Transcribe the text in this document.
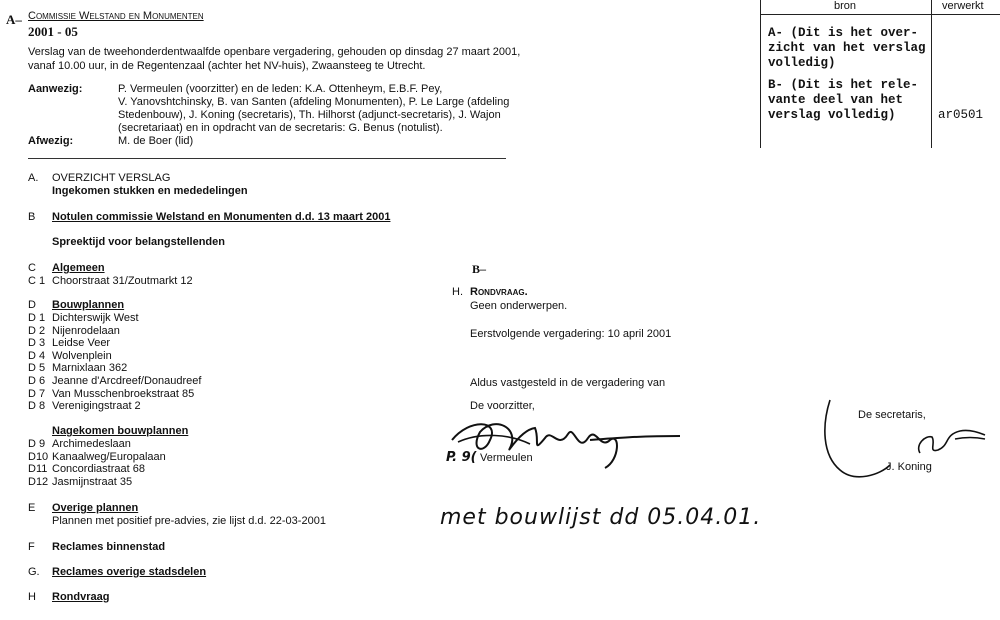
A– Commissie Welstand en Monumenten
2001 - 05
Verslag van de tweehonderdentwaalfde openbare vergadering, gehouden op dinsdag 27 maart 2001,
vanaf 10.00 uur, in de Regentenzaal (achter het NV-huis), Zwaansteeg te Utrecht.
Aanwezig:	P. Vermeulen (voorzitter) en de leden: K.A. Ottenheym, E.B.F. Pey,
V. Yanovshtchinsky, B. van Santen (afdeling Monumenten), P. Le Large (afdeling
Stedenbouw), J. Koning (secretaris), Th. Hilhorst (adjunct-secretaris), J. Wajon
(secretariaat) en in opdracht van de secretaris: G. Benus (notulist).
Afwezig:	M. de Boer (lid)
bron	verwerkt
A- (Dit is het over-
zicht van het verslag
volledig)
B- (Dit is het rele-
vante deel van het
verslag volledig)	ar0501
A. OVERZICHT VERSLAG
Ingekomen stukken en mededelingen
B Notulen commissie Welstand en Monumenten d.d. 13 maart 2001
Spreektijd voor belangstellenden
C Algemeen
C 1 Choorstraat 31/Zoutmarkt 12
D Bouwplannen
D 1 Dichterswijk West
D 2 Nijenrodelaan
D 3 Leidse Veer
D 4 Wolvenplein
D 5 Marnixlaan 362
D 6 Jeanne d'Arcdreef/Donaudreef
D 7 Van Musschenbroekstraat 85
D 8 Verenigingstraat 2
Nagekomen bouwplannen
D 9 Archimedeslaan
D10 Kanaalweg/Europalaan
D11 Concordiastraat 68
D12 Jasmijnstraat 35
E Overige plannen
Plannen met positief pre-advies, zie lijst d.d. 22-03-2001
F Reclames binnenstad
G. Reclames overige stadsdelen
H Rondvraag
B–
H. Rondvraag.
Geen onderwerpen.
Eerstvolgende vergadering: 10 april 2001
Aldus vastgesteld in de vergadering van
De voorzitter,
P. 9( Vermeulen
met bouwlijst dd 05.04.01.
De secretaris,
J. Koning
